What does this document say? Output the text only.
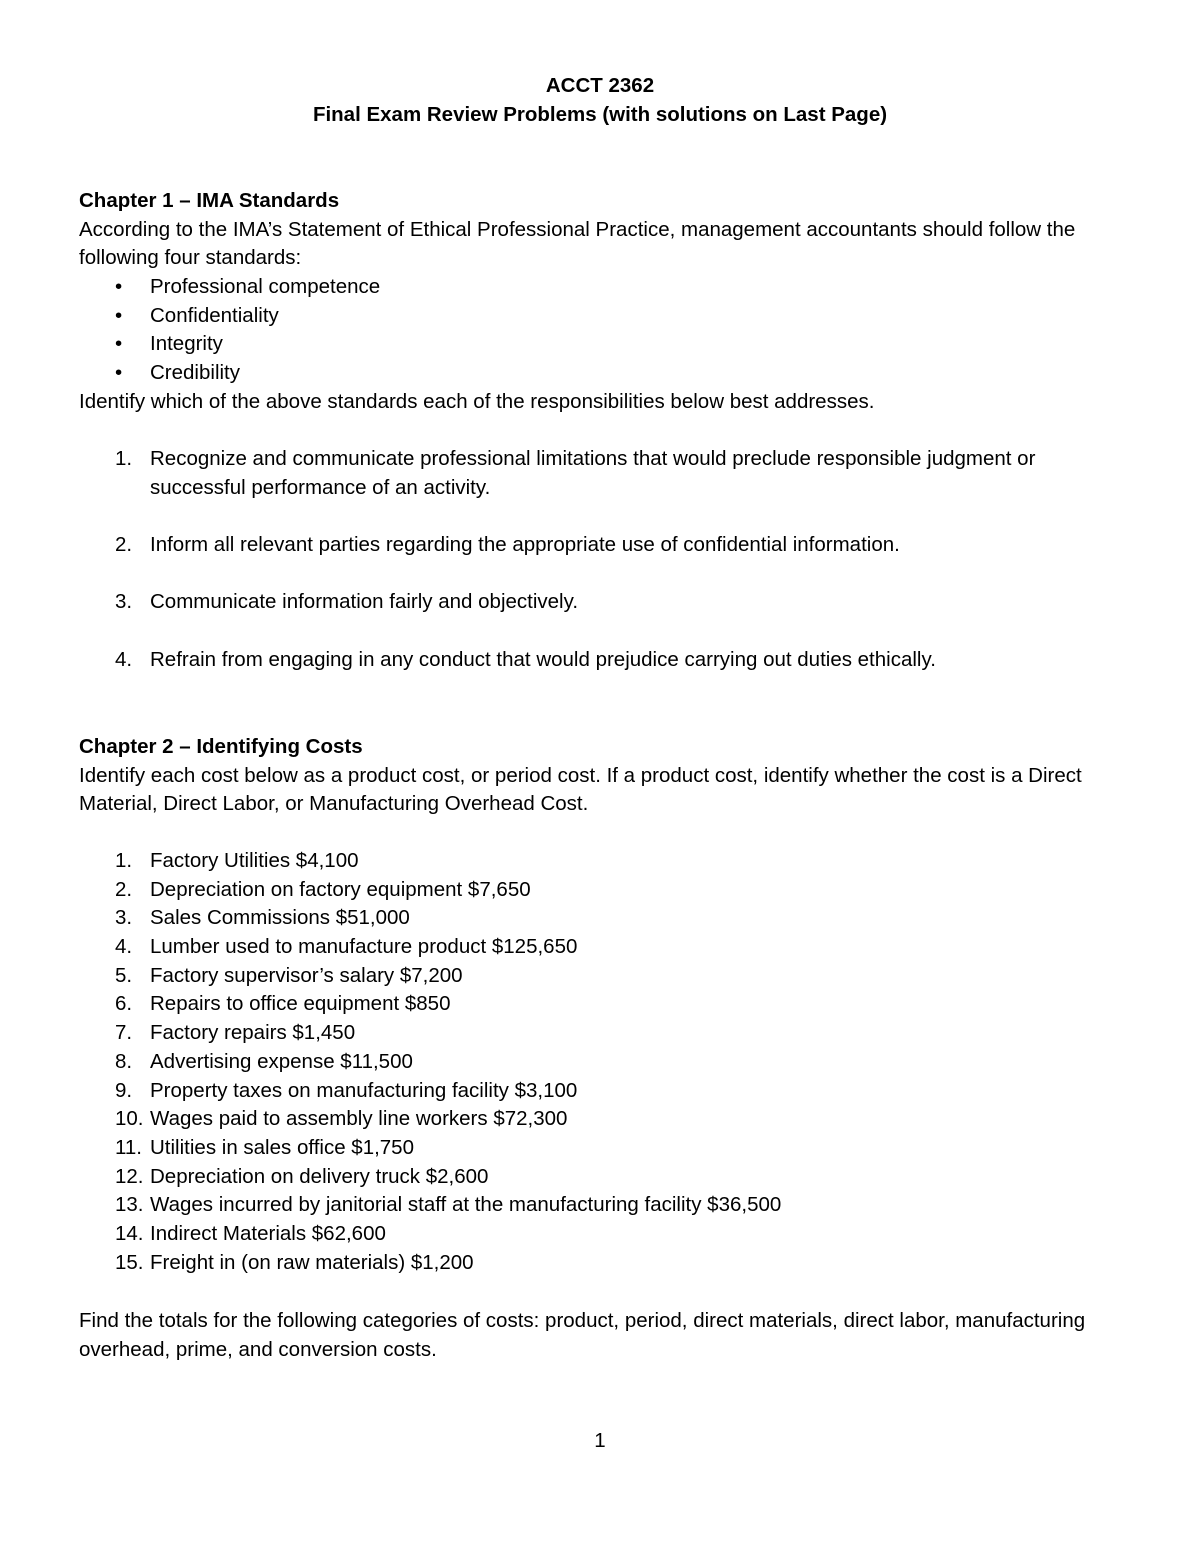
ACCT 2362
Final Exam Review Problems (with solutions on Last Page)
Chapter 1 – IMA Standards

According to the IMA’s Statement of Ethical Professional Practice, management accountants should follow the following four standards:

• Professional competence
• Confidentiality
• Integrity
• Credibility

Identify which of the above standards each of the responsibilities below best addresses.

1. Recognize and communicate professional limitations that would preclude responsible judgment or successful performance of an activity.
2. Inform all relevant parties regarding the appropriate use of confidential information.
3. Communicate information fairly and objectively.
4. Refrain from engaging in any conduct that would prejudice carrying out duties ethically.
Chapter 2 – Identifying Costs

Identify each cost below as a product cost, or period cost. If a product cost, identify whether the cost is a Direct Material, Direct Labor, or Manufacturing Overhead Cost.

1. Factory Utilities $4,100
2. Depreciation on factory equipment $7,650
3. Sales Commissions $51,000
4. Lumber used to manufacture product $125,650
5. Factory supervisor’s salary $7,200
6. Repairs to office equipment $850
7. Factory repairs $1,450
8. Advertising expense $11,500
9. Property taxes on manufacturing facility $3,100
10. Wages paid to assembly line workers $72,300
11. Utilities in sales office $1,750
12. Depreciation on delivery truck $2,600
13. Wages incurred by janitorial staff at the manufacturing facility $36,500
14. Indirect Materials $62,600
15. Freight in (on raw materials) $1,200

Find the totals for the following categories of costs: product, period, direct materials, direct labor, manufacturing overhead, prime, and conversion costs.

1
